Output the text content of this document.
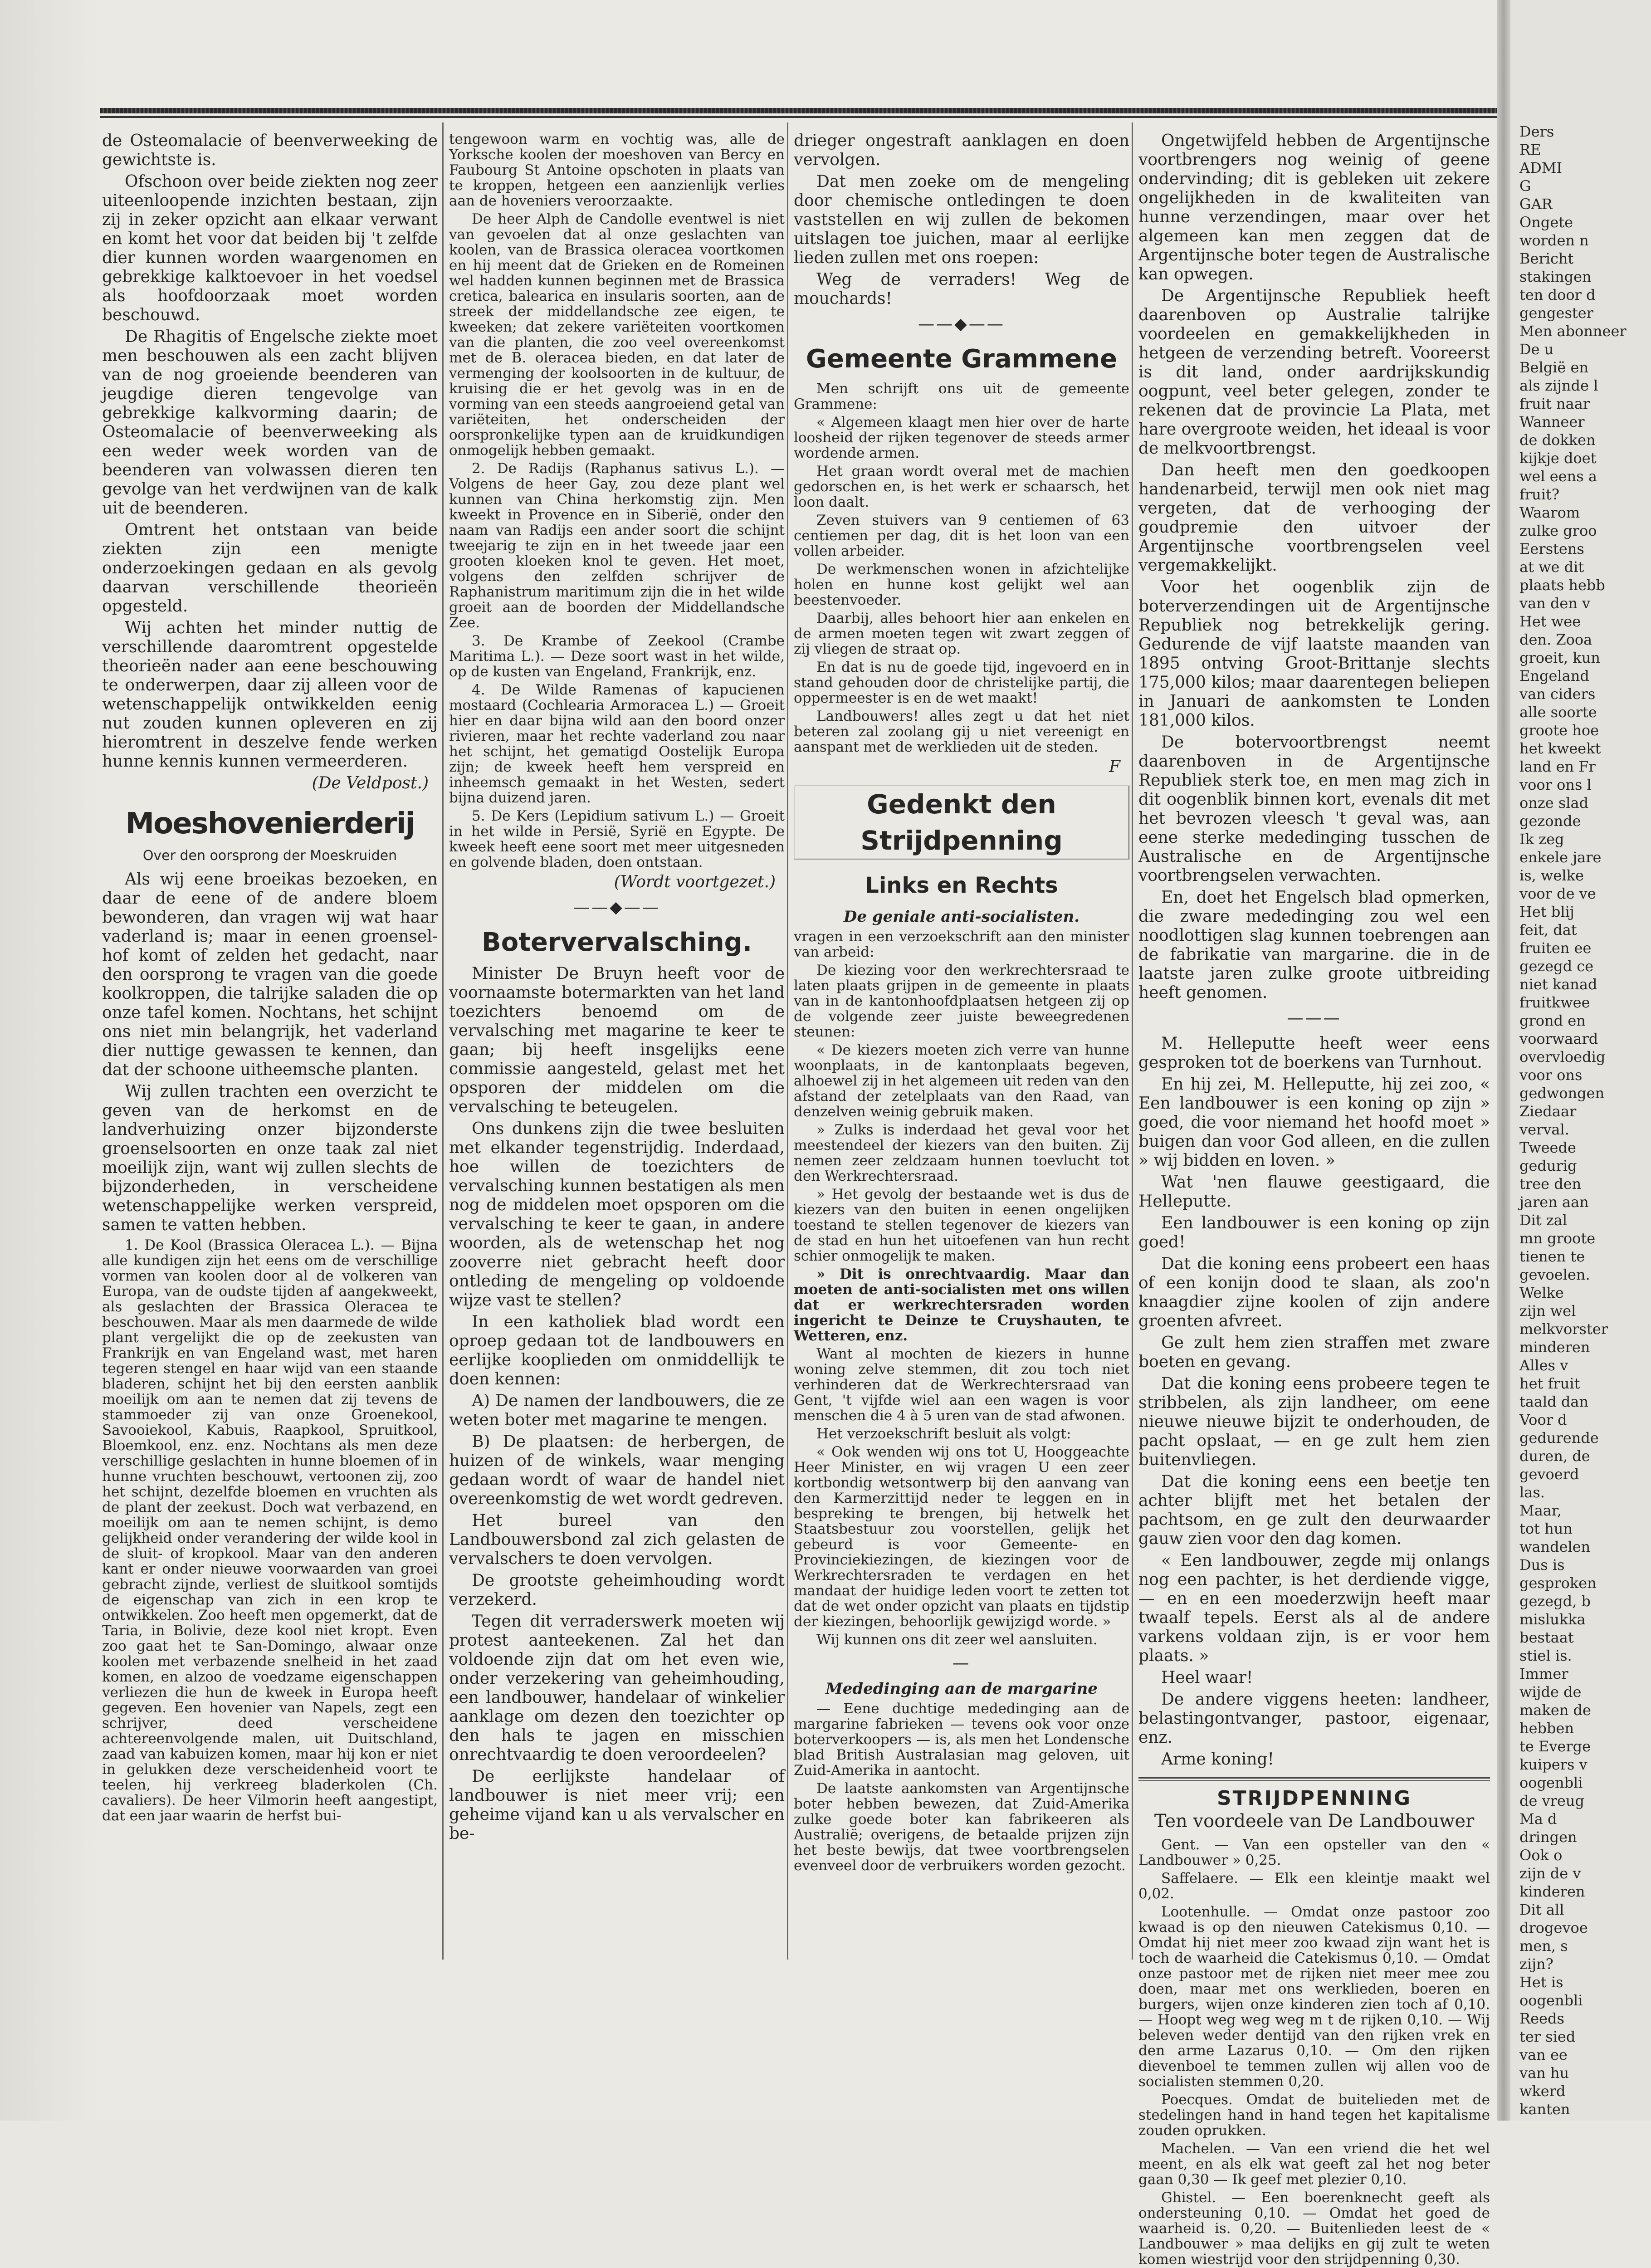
de Osteomalacie of beenverweeking de gewichtste is.

Ofschoon over beide ziekten nog zeer uiteenloopende inzichten bestaan, zijn zij in zeker opzicht aan elkaar verwant en komt het voor dat beiden bij 't zelfde dier kunnen worden waargenomen en gebrekkige kalktoevoer in het voedsel als hoofdoorzaak moet worden beschouwd.

De Rhagitis of Engelsche ziekte moet men beschouwen als een zacht blijven van de nog groeiende beenderen van jeugdige dieren tengevolge van gebrekkige kalkvorming daarin; de Osteomalacie of beenverweeking als een weder week worden van de beenderen van volwassen dieren ten gevolge van het verdwijnen van de kalk uit de beenderen.

Omtrent het ontstaan van beide ziekten zijn een menigte onderzoekingen gedaan en als gevolg daarvan verschillende theorieën opgesteld.

Wij achten het minder nuttig de verschillende daaromtrent opgestelde theorieën nader aan eene beschouwing te onderwerpen, daar zij alleen voor de wetenschappelijk ontwikkelden eenig nut zouden kunnen opleveren en zij hieromtrent in deszelve fende werken hunne kennis kunnen vermeerderen.

(De Veldpost.)
Moeshovenierderij
Over den oorsprong der Moeskruiden

Als wij eene broeikas bezoeken, en daar de eene of de andere bloem bewonderen, dan vragen wij wat haar vaderland is; maar in eenen groensel-hof komt of zelden het gedacht, naar den oorsprong te vragen van die goede koolkroppen, die talrijke saladen die op onze tafel komen. Nochtans, het schijnt ons niet min belangrijk, het vaderland dier nuttige gewassen te kennen, dan dat der schoone uitheemsche planten.

Wij zullen trachten een overzicht te geven van de herkomst en de landverhuizing onzer bijzonderste groenselsoorten en onze taak zal niet moeilijk zijn, want wij zullen slechts de bijzonderheden, in verscheidene wetenschappelijke werken verspreid, samen te vatten hebben.

1. De Kool (Brassica Oleracea L.). — Bijna alle kundigen zijn het eens om de verschillige vormen van koolen door al de volkeren van Europa, van de oudste tijden af aangekweekt, als geslachten der Brassica Oleracea te beschouwen. Maar als men daarmede de wilde plant vergelijkt die op de zeekusten van Frankrijk en van Engeland wast, met haren tegeren stengel en haar wijd van een staande bladeren, schijnt het bij den eersten aanblik moeilijk om aan te nemen dat zij tevens de stammoeder zij van onze Groenekool, Savooiekool, Kabuis, Raapkool, Spruitkool, Bloemkool, enz. enz. Nochtans als men deze verschillige geslachten in hunne bloemen of in hunne vruchten beschouwt, vertoonen zij, zoo het schijnt, dezelfde bloemen en vruchten als de plant der zeekust. Doch wat verbazend, en moeilijk om aan te nemen schijnt, is demo gelijkheid onder verandering der wilde kool in de sluit- of kropkool. Maar van den anderen kant er onder nieuwe voorwaarden van groei gebracht zijnde, verliest de sluitkool somtijds de eigenschap van zich in een krop te ontwikkelen. Zoo heeft men opgemerkt, dat de Taria, in Bolivie, deze kool niet kropt. Even zoo gaat het te San-Domingo, alwaar onze koolen met verbazende snelheid in het zaad komen, en alzoo de voedzame eigenschappen verliezen die hun de kweek in Europa heeft gegeven. Een hovenier van Napels, zegt een schrijver, deed verscheidene achtereenvolgende malen, uit Duitschland, zaad van kabuizen komen, maar hij kon er niet in gelukken deze verscheidenheid voort te teelen, hij verkreeg bladerkolen (Ch. cavaliers). De heer Vilmorin heeft aangestipt, dat een jaar waarin de herfst bui-

tengewoon warm en vochtig was, alle de Yorksche koolen der moeshoven van Bercy en Faubourg St Antoine opschoten in plaats van te kroppen, hetgeen een aanzienlijk verlies aan de hoveniers veroorzaakte.

De heer Alph de Candolle eventwel is niet van gevoelen dat al onze geslachten van koolen, van de Brassica oleracea voortkomen en hij meent dat de Grieken en de Romeinen wel hadden kunnen beginnen met de Brassica cretica, balearica en insularis soorten, aan de streek der middellandsche zee eigen, te kweeken; dat zekere variëteiten voortkomen van die planten, die zoo veel overeenkomst met de B. oleracea bieden, en dat later de vermenging der koolsoorten in de kultuur, de kruising die er het gevolg was in en de vorming van een steeds aangroeiend getal van variëteiten, het onderscheiden der oorspronkelijke typen aan de kruidkundigen onmogelijk hebben gemaakt.

2. De Radijs (Raphanus sativus L.). — Volgens de heer Gay, zou deze plant wel kunnen van China herkomstig zijn. Men kweekt in Provence en in Siberië, onder den naam van Radijs een ander soort die schijnt tweejarig te zijn en in het tweede jaar een grooten kloeken knol te geven. Het moet, volgens den zelfden schrijver de Raphanistrum maritimum zijn die in het wilde groeit aan de boorden der Middellandsche Zee.

3. De Krambe of Zeekool (Crambe Maritima L.). — Deze soort wast in het wilde, op de kusten van Engeland, Frankrijk, enz.

4. De Wilde Ramenas of kapucienen mostaard (Cochlearia Armoracea L.) — Groeit hier en daar bijna wild aan den boord onzer rivieren, maar het rechte vaderland zou naar het schijnt, het gematigd Oostelijk Europa zijn; de kweek heeft hem verspreid en inheemsch gemaakt in het Westen, sedert bijna duizend jaren.

5. De Kers (Lepidium sativum L.) — Groeit in het wilde in Persië, Syrië en Egypte. De kweek heeft eene soort met meer uitgesneden en golvende bladen, doen ontstaan.

(Wordt voortgezet.)
——◆——
Botervervalsching.

Minister De Bruyn heeft voor de voornaamste botermarkten van het land toezichters benoemd om de vervalsching met magarine te keer te gaan; bij heeft insgelijks eene commissie aangesteld, gelast met het opsporen der middelen om die vervalsching te beteugelen.

Ons dunkens zijn die twee besluiten met elkander tegenstrijdig. Inderdaad, hoe willen de toezichters de vervalsching kunnen bestatigen als men nog de middelen moet opsporen om die vervalsching te keer te gaan, in andere woorden, als de wetenschap het nog zooverre niet gebracht heeft door ontleding de mengeling op voldoende wijze vast te stellen?

In een katholiek blad wordt een oproep gedaan tot de landbouwers en eerlijke kooplieden om onmiddellijk te doen kennen:

A) De namen der landbouwers, die ze weten boter met magarine te mengen.

B) De plaatsen: de herbergen, de huizen of de winkels, waar menging gedaan wordt of waar de handel niet overeenkomstig de wet wordt gedreven.

Het bureel van den Landbouwersbond zal zich gelasten de vervalschers te doen vervolgen.

De grootste geheimhouding wordt verzekerd.

Tegen dit verraderswerk moeten wij protest aanteekenen. Zal het dan voldoende zijn dat om het even wie, onder verzekering van geheimhouding, een landbouwer, handelaar of winkelier aanklage om dezen den toezichter op den hals te jagen en misschien onrechtvaardig te doen veroordeelen?

De eerlijkste handelaar of landbouwer is niet meer vrij; een geheime vijand kan u als vervalscher en be-

drieger ongestraft aanklagen en doen vervolgen.

Dat men zoeke om de mengeling door chemische ontledingen te doen vaststellen en wij zullen de bekomen uitslagen toe juichen, maar al eerlijke lieden zullen met ons roepen:

Weg de verraders! Weg de mouchards!

——◆——
Gemeente Grammene

Men schrijft ons uit de gemeente Grammene:

« Algemeen klaagt men hier over de harte loosheid der rijken tegenover de steeds armer wordende armen.

Het graan wordt overal met de machien gedorschen en, is het werk er schaarsch, het loon daalt.

Zeven stuivers van 9 centiemen of 63 centiemen per dag, dit is het loon van een vollen arbeider.

De werkmenschen wonen in afzichtelijke holen en hunne kost gelijkt wel aan beestenvoeder.

Daarbij, alles behoort hier aan enkelen en de armen moeten tegen wit zwart zeggen of zij vliegen de straat op.

En dat is nu de goede tijd, ingevoerd en in stand gehouden door de christelijke partij, die oppermeester is en de wet maakt!

Landbouwers! alles zegt u dat het niet beteren zal zoolang gij u niet vereenigt en aanspant met de werklieden uit de steden.

F
Gedenkt den Strijdpenning
Links en Rechts
De geniale anti-socialisten.

vragen in een verzoekschrift aan den minister van arbeid:

De kiezing voor den werkrechtersraad te laten plaats grijpen in de gemeente in plaats van in de kantonhoofdplaatsen hetgeen zij op de volgende zeer juiste beweegredenen steunen:

« De kiezers moeten zich verre van hunne woonplaats, in de kantonplaats begeven, alhoewel zij in het algemeen uit reden van den afstand der zetelplaats van den Raad, van denzelven weinig gebruik maken.

» Zulks is inderdaad het geval voor het meestendeel der kiezers van den buiten. Zij nemen zeer zeldzaam hunnen toevlucht tot den Werkrechtersraad.

» Het gevolg der bestaande wet is dus de kiezers van den buiten in eenen ongelijken toestand te stellen tegenover de kiezers van de stad en hun het uitoefenen van hun recht schier onmogelijk te maken.

» Dit is onrechtvaardig. Maar dan moeten de anti-socialisten met ons willen dat er werkrechtersraden worden ingericht te Deinze te Cruyshauten, te Wetteren, enz.

Want al mochten de kiezers in hunne woning zelve stemmen, dit zou toch niet verhinderen dat de Werkrechtersraad van Gent, 't vijfde wiel aan een wagen is voor menschen die 4 à 5 uren van de stad afwonen.

Het verzoekschrift besluit als volgt:

« Ook wenden wij ons tot U, Hooggeachte Heer Minister, en wij vragen U een zeer kortbondig wetsontwerp bij den aanvang van den Karmerzittijd neder te leggen en in bespreking te brengen, bij hetwelk het Staatsbestuur zou voorstellen, gelijk het gebeurd is voor Gemeente- en Provinciekiezingen, de kiezingen voor de Werkrechtersraden te verdagen en het mandaat der huidige leden voort te zetten tot dat de wet onder opzicht van plaats en tijdstip der kiezingen, behoorlijk gewijzigd worde. »

Wij kunnen ons dit zeer wel aansluiten.

—
Mededinging aan de margarine

— Eene duchtige mededinging aan de margarine fabrieken — tevens ook voor onze boterverkoopers — is, als men het Londensche blad British Australasian mag geloven, uit Zuid-Amerika in aantocht.

De laatste aankomsten van Argentijnsche boter hebben bewezen, dat Zuid-Amerika zulke goede boter kan fabrikeeren als Australië; overigens, de betaalde prijzen zijn het beste bewijs, dat twee voortbrengselen evenveel door de verbruikers worden gezocht.

Ongetwijfeld hebben de Argentijnsche voortbrengers nog weinig of geene ondervinding; dit is gebleken uit zekere ongelijkheden in de kwaliteiten van hunne verzendingen, maar over het algemeen kan men zeggen dat de Argentijnsche boter tegen de Australische kan opwegen.

De Argentijnsche Republiek heeft daarenboven op Australie talrijke voordeelen en gemakkelijkheden in hetgeen de verzending betreft. Vooreerst is dit land, onder aardrijkskundig oogpunt, veel beter gelegen, zonder te rekenen dat de provincie La Plata, met hare overgroote weiden, het ideaal is voor de melkvoortbrengst.

Dan heeft men den goedkoopen handenarbeid, terwijl men ook niet mag vergeten, dat de verhooging der goudpremie den uitvoer der Argentijnsche voortbrengselen veel vergemakkelijkt.

Voor het oogenblik zijn de boterverzendingen uit de Argentijnsche Republiek nog betrekkelijk gering. Gedurende de vijf laatste maanden van 1895 ontving Groot-Brittanje slechts 175,000 kilos; maar daarentegen beliepen in Januari de aankomsten te Londen 181,000 kilos.

De botervoortbrengst neemt daarenboven in de Argentijnsche Republiek sterk toe, en men mag zich in dit oogenblik binnen kort, evenals dit met het bevrozen vleesch 't geval was, aan eene sterke mededinging tusschen de Australische en de Argentijnsche voortbrengselen verwachten.

En, doet het Engelsch blad opmerken, die zware mededinging zou wel een noodlottigen slag kunnen toebrengen aan de fabrikatie van margarine. die in de laatste jaren zulke groote uitbreiding heeft genomen.

———

M. Helleputte heeft weer eens gesproken tot de boerkens van Turnhout.

En hij zei, M. Helleputte, hij zei zoo, « Een landbouwer is een koning op zijn » goed, die voor niemand het hoofd moet » buigen dan voor God alleen, en die zullen » wij bidden en loven. »

Wat 'nen flauwe geestigaard, die Helleputte.

Een landbouwer is een koning op zijn goed!

Dat die koning eens probeert een haas of een konijn dood te slaan, als zoo'n knaagdier zijne koolen of zijn andere groenten afvreet.

Ge zult hem zien straffen met zware boeten en gevang.

Dat die koning eens probeere tegen te stribbelen, als zijn landheer, om eene nieuwe nieuwe bijzit te onderhouden, de pacht opslaat, — en ge zult hem zien buitenvliegen.

Dat die koning eens een beetje ten achter blijft met het betalen der pachtsom, en ge zult den deurwaarder gauw zien voor den dag komen.

« Een landbouwer, zegde mij onlangs nog een pachter, is het derdiende vigge, — en en een moederzwijn heeft maar twaalf tepels. Eerst als al de andere varkens voldaan zijn, is er voor hem plaats. »

Heel waar!

De andere viggens heeten: landheer, belastingontvanger, pastoor, eigenaar, enz.

Arme koning!

STRIJDPENNING
Ten voordeele van De Landbouwer

Gent. — Van een opsteller van den « Landbouwer » 0,25.

Saffelaere. — Elk een kleintje maakt wel 0,02.

Lootenhulle. — Omdat onze pastoor zoo kwaad is op den nieuwen Catekismus 0,10. — Omdat hij niet meer zoo kwaad zijn want het is toch de waarheid die Catekismus 0,10. — Omdat onze pastoor met de rijken niet meer mee zou doen, maar met ons werklieden, boeren en burgers, wijen onze kinderen zien toch af 0,10. — Hoopt weg weg weg m t de rijken 0,10. — Wij beleven weder dentijd van den rijken vrek en den arme Lazarus 0,10. — Om den rijken dievenboel te temmen zullen wij allen voo de socialisten stemmen 0,20.

Poecques. Omdat de buitelieden met de stedelingen hand in hand tegen het kapitalisme zouden oprukken.

Machelen. — Van een vriend die het wel meent, en als elk wat geeft zal het nog beter gaan 0,30 — Ik geef met plezier 0,10.

Ghistel. — Een boerenknecht geeft als ondersteuning 0,10. — Omdat het goed de waarheid is. 0,20. — Buitenlieden leest de « Landbouwer » maa delijks en gij zult te weten komen wiestrijd voor den strijdpenning 0,30.

Ders
RE
ADMI
G
GAR
Ongete
worden n
Bericht
stakingen
ten door d
gengester
Men abonneer
De u
België en
als zijnde l
fruit naar
Wanneer
de dokken
kijkje doet
wel eens a
fruit?
Waarom
zulke groo
Eerstens
at we dit
plaats hebb
van den v
Het wee
den. Zooa
groeit, kun
Engeland
van ciders
alle soorte
groote hoe
het kweekt
land en Fr
voor ons l
onze slad
gezonde
Ik zeg
enkele jare
is, welke
voor de ve
Het blij
feit, dat
fruiten ee
gezegd ce
niet kanad
fruitkwee
grond en
voorwaard
overvloedig
voor ons
gedwongen
Ziedaar
verval.
Tweede
gedurig
tree den
jaren aan
Dit zal
mn groote
tienen te
gevoelen.
Welke
zijn wel
melkvorster
minderen
Alles v
het fruit
taald dan
Voor d
gedurende
duren, de
gevoerd
las.
Maar,
tot hun
wandelen
Dus is
gesproken
gezegd, b
mislukka
bestaat
stiel is.
Immer
wijde de
maken de
hebben
te Everge
kuipers v
oogenbli
de vreug
Ma d
dringen
Ook o
zijn de v
kinderen
Dit all
drogevoe
men, s
zijn?
Het is
oogenbli
Reeds
ter sied
van ee
van hu
wkerd
kanten
